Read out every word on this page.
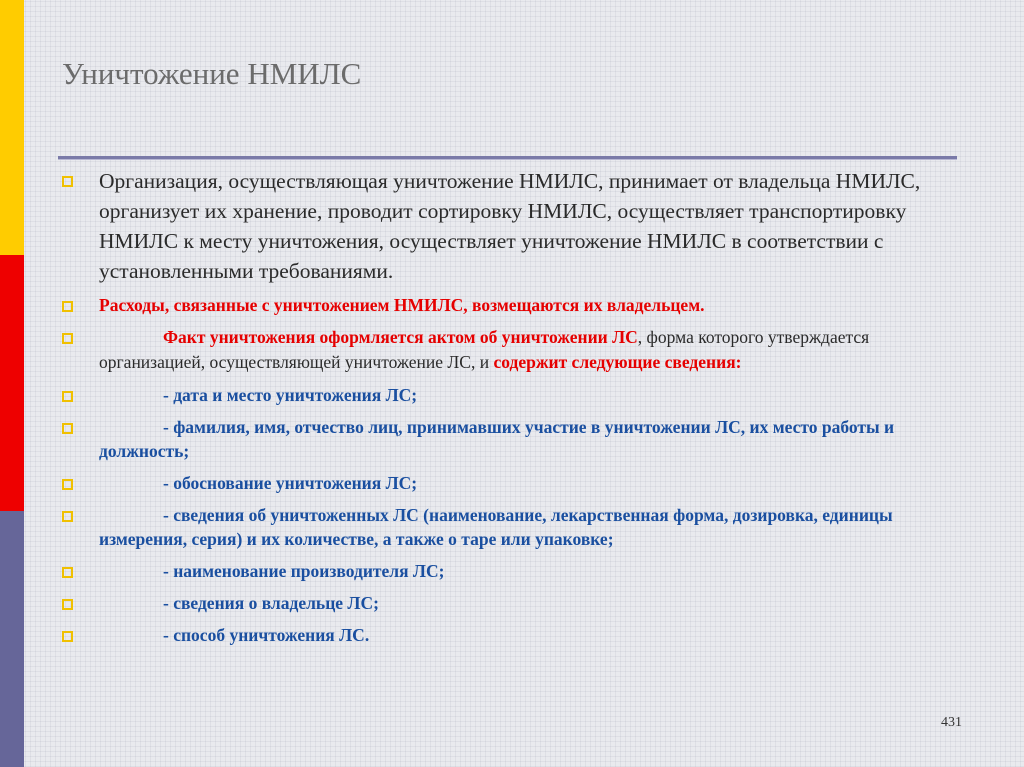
Уничтожение НМИЛС
Организация, осуществляющая уничтожение НМИЛС, принимает от владельца НМИЛС, организует их хранение, проводит сортировку НМИЛС, осуществляет транспортировку НМИЛС к месту уничтожения, осуществляет уничтожение НМИЛС в соответствии с установленными требованиями.
Расходы, связанные с уничтожением НМИЛС, возмещаются их владельцем.
Факт уничтожения оформляется актом об уничтожении ЛС, форма которого утверждается организацией, осуществляющей уничтожение ЛС, и содержит следующие сведения:
- дата и место уничтожения ЛС;
- фамилия, имя, отчество лиц, принимавших участие в уничтожении ЛС, их место работы и должность;
- обоснование уничтожения ЛС;
- сведения об уничтоженных ЛС (наименование, лекарственная форма, дозировка, единицы измерения, серия) и их количестве, а также о таре или упаковке;
- наименование производителя ЛС;
- сведения о владельце ЛС;
- способ уничтожения ЛС.
431
